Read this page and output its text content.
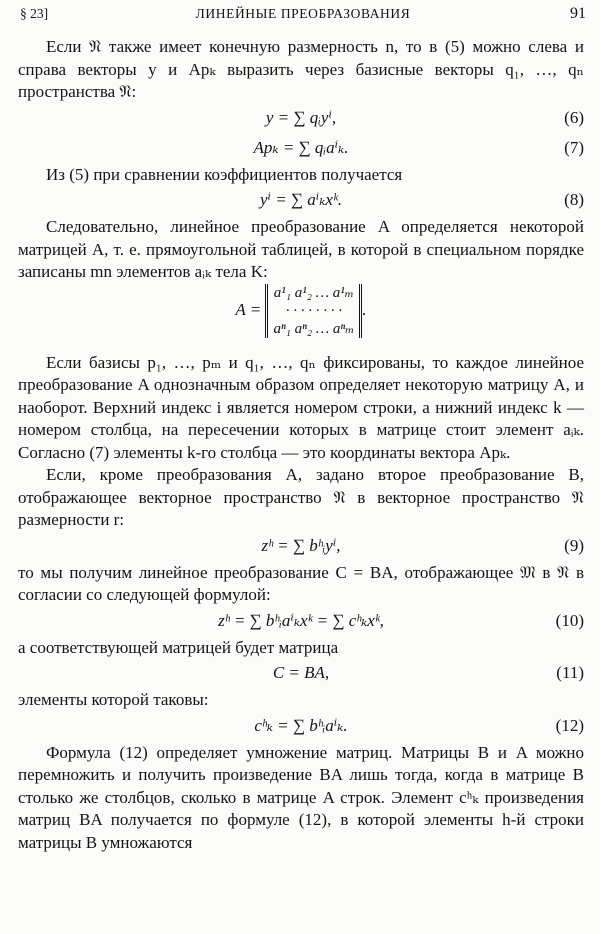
§ 23]	ЛИНЕЙНЫЕ ПРЕОБРАЗОВАНИЯ	91

Если 𝔑 также имеет конечную размерность n, то в (5) можно слева и справа векторы y и Apₖ выразить через базисные векторы q₁, …, qₙ пространства 𝔑:

y = ∑ qᵢyⁱ,	(6)
Apₖ = ∑ qᵢaⁱₖ.	(7)

Из (5) при сравнении коэффициентов получается

yⁱ = ∑ aⁱₖxᵏ.	(8)

Следовательно, линейное преобразование A определяется некоторой матрицей A, т. е. прямоугольной таблицей, в которой в специальном порядке записаны mn элементов aᵢₖ тела K:

A =
a¹₁ a¹₂ … a¹ₘ
· · · · · · · ·
aⁿ₁ aⁿ₂ … aⁿₘ
.

Если базисы p₁, …, pₘ и q₁, …, qₙ фиксированы, то каждое линейное преобразование A однозначным образом определяет некоторую матрицу A, и наоборот. Верхний индекс i является номером строки, а нижний индекс k — номером столбца, на пересечении которых в матрице стоит элемент aᵢₖ. Согласно (7) элементы k-го столбца — это координаты вектора Apₖ.

Если, кроме преобразования A, задано второе преобразование B, отображающее векторное пространство 𝔑 в векторное пространство 𝔑 размерности r:

zʰ = ∑ bʰᵢyⁱ,	(9)

то мы получим линейное преобразование C = BA, отображающее 𝔐 в 𝔑 в согласии со следующей формулой:

zʰ = ∑ bʰᵢaⁱₖxᵏ = ∑ cʰₖxᵏ,	(10)

а соответствующей матрицей будет матрица

C = BA,	(11)

элементы которой таковы:

cʰₖ = ∑ bʰᵢaⁱₖ.	(12)

Формула (12) определяет умножение матриц. Матрицы B и A можно перемножить и получить произведение BA лишь тогда, когда в матрице B столько же столбцов, сколько в матрице A строк. Элемент cʰₖ произведения матриц BA получается по формуле (12), в которой элементы h-й строки матрицы B умножаются
